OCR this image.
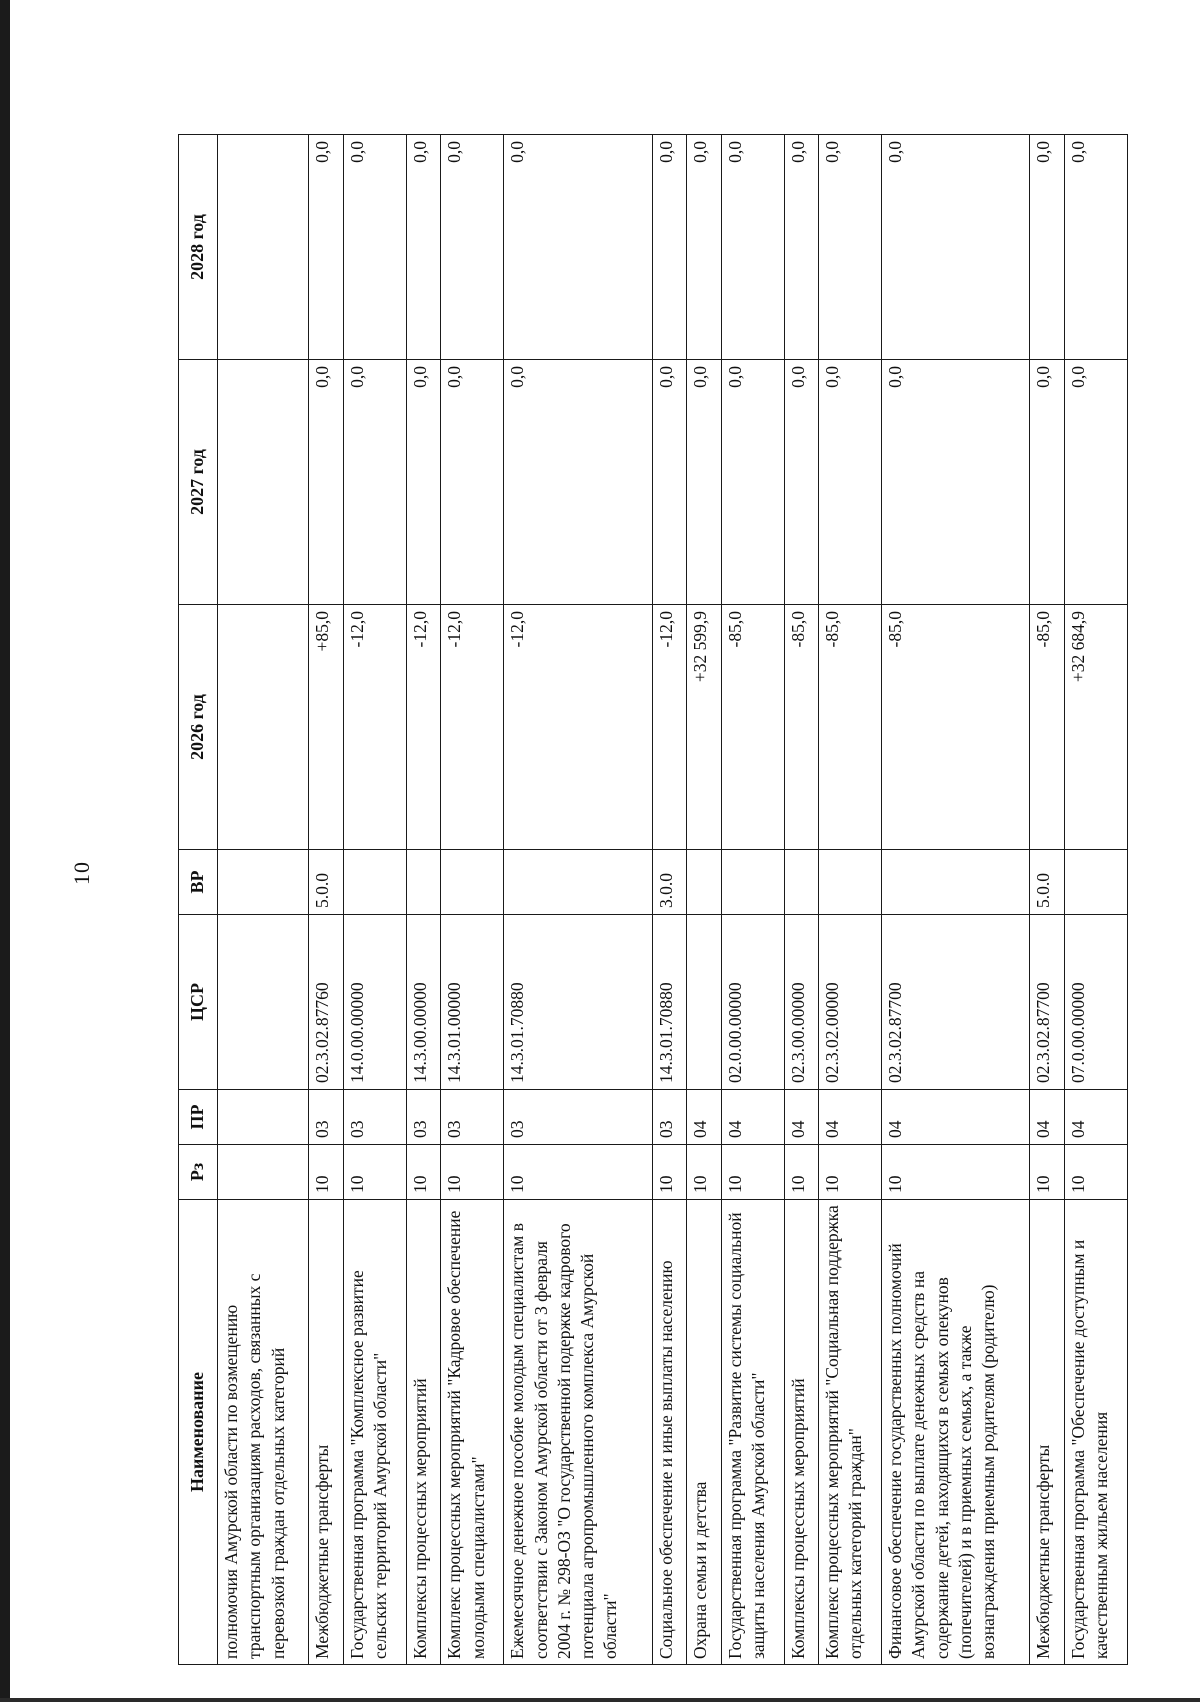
10
Наименование	Рз	ПР	ЦСР	ВР	2026 год	2027 год	2028 год
полномочия Амурской области по возмещению транспортным организациям расходов, связанных с перевозкой граждан отдельных категорий							
Межбюджетные трансферты	10	03	02.3.02.87760	5.0.0	+85,0	0,0	0,0
Государственная программа "Комплексное развитие сельских территорий Амурской области"	10	03	14.0.00.00000		-12,0	0,0	0,0
Комплексы процессных мероприятий	10	03	14.3.00.00000		-12,0	0,0	0,0
Комплекс процессных мероприятий "Кадровое обеспечение молодыми специалистами"	10	03	14.3.01.00000		-12,0	0,0	0,0
Ежемесячное денежное пособие молодым специалистам в соответствии с Законом Амурской области от 3 февраля 2004 г. № 298-ОЗ "О государственной подержке кадрового потенциала агропромышленного комплекса Амурской области"	10	03	14.3.01.70880		-12,0	0,0	0,0
Социальное обеспечение и иные выплаты населению	10	03	14.3.01.70880	3.0.0	-12,0	0,0	0,0
Охрана семьи и детства	10	04			+32 599,9	0,0	0,0
Государственная программа "Развитие системы социальной защиты населения Амурской области"	10	04	02.0.00.00000		-85,0	0,0	0,0
Комплексы процессных мероприятий	10	04	02.3.00.00000		-85,0	0,0	0,0
Комплекс процессных мероприятий "Социальная поддержка отдельных категорий граждан"	10	04	02.3.02.00000		-85,0	0,0	0,0
Финансовое обеспечение государственных полномочий Амурской области по выплате денежных средств на содержание детей, находящихся в семьях опекунов (попечителей) и в приемных семьях, а также вознаграждения приемным родителям (родителю)	10	04	02.3.02.87700		-85,0	0,0	0,0
Межбюджетные трансферты	10	04	02.3.02.87700	5.0.0	-85,0	0,0	0,0
Государственная программа "Обеспечение доступным и качественным жильем населения	10	04	07.0.00.00000		+32 684,9	0,0	0,0
